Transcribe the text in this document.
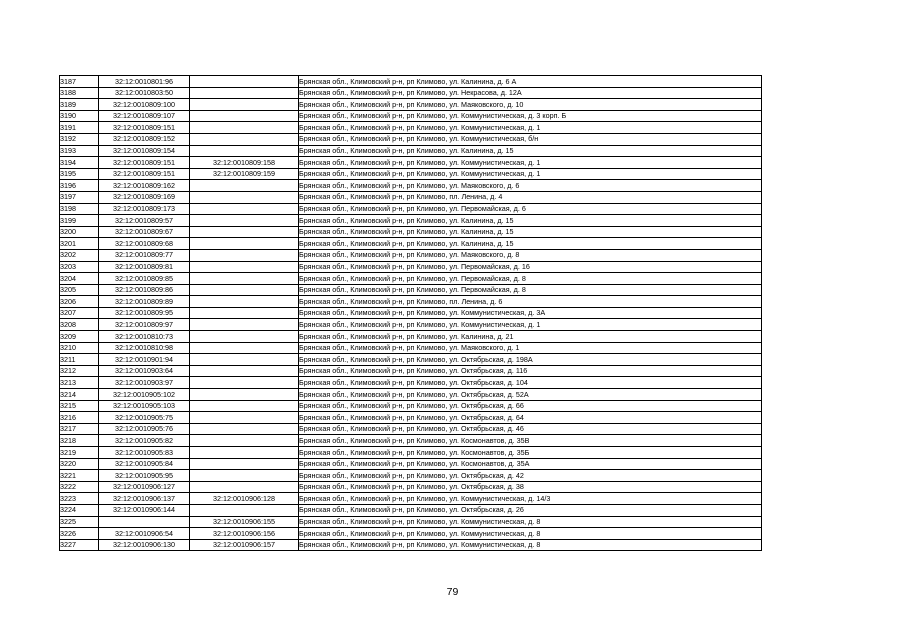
3187	32:12:0010801:96		Брянская обл., Климовский р-н, рп Климово, ул. Калинина, д. 6 А
3188	32:12:0010803:50		Брянская обл., Климовский р-н, рп Климово, ул. Некрасова, д. 12А
3189	32:12:0010809:100		Брянская обл., Климовский р-н, рп Климово, ул. Маяковского, д. 10
3190	32:12:0010809:107		Брянская обл., Климовский р-н, рп Климово, ул. Коммунистическая, д. 3 корп. Б
3191	32:12:0010809:151		Брянская обл., Климовский р-н, рп Климово, ул. Коммунистическая, д. 1
3192	32:12:0010809:152		Брянская обл., Климовский р-н, рп Климово, ул. Коммунистическая, б/н
3193	32:12:0010809:154		Брянская обл., Климовский р-н, рп Климово, ул. Калинина, д. 15
3194	32:12:0010809:151	32:12:0010809:158	Брянская обл., Климовский р-н, рп Климово, ул. Коммунистическая, д. 1
3195	32:12:0010809:151	32:12:0010809:159	Брянская обл., Климовский р-н, рп Климово, ул. Коммунистическая, д. 1
3196	32:12:0010809:162		Брянская обл., Климовский р-н, рп Климово, ул. Маяковского, д. 6
3197	32:12:0010809:169		Брянская обл., Климовский р-н, рп Климово, пл. Ленина, д. 4
3198	32:12:0010809:173		Брянская обл., Климовский р-н, рп Климово, ул. Первомайская, д. 6
3199	32:12:0010809:57		Брянская обл., Климовский р-н, рп Климово, ул. Калинина, д. 15
3200	32:12:0010809:67		Брянская обл., Климовский р-н, рп Климово, ул. Калинина, д. 15
3201	32:12:0010809:68		Брянская обл., Климовский р-н, рп Климово, ул. Калинина, д. 15
3202	32:12:0010809:77		Брянская обл., Климовский р-н, рп Климово, ул. Маяковского, д. 8
3203	32:12:0010809:81		Брянская обл., Климовский р-н, рп Климово, ул. Первомайская, д. 16
3204	32:12:0010809:85		Брянская обл., Климовский р-н, рп Климово, ул. Первомайская, д. 8
3205	32:12:0010809:86		Брянская обл., Климовский р-н, рп Климово, ул. Первомайская, д. 8
3206	32:12:0010809:89		Брянская обл., Климовский р-н, рп Климово, пл. Ленина, д. 6
3207	32:12:0010809:95		Брянская обл., Климовский р-н, рп Климово, ул. Коммунистическая, д. 3А
3208	32:12:0010809:97		Брянская обл., Климовский р-н, рп Климово, ул. Коммунистическая, д. 1
3209	32:12:0010810:73		Брянская обл., Климовский р-н, рп Климово, ул. Калинина, д. 21
3210	32:12:0010810:98		Брянская обл., Климовский р-н, рп Климово, ул. Маяковского, д. 1
3211	32:12:0010901:94		Брянская обл., Климовский р-н, рп Климово, ул. Октябрьская, д. 198А
3212	32:12:0010903:64		Брянская обл., Климовский р-н, рп Климово, ул. Октябрьская, д. 116
3213	32:12:0010903:97		Брянская обл., Климовский р-н, рп Климово, ул. Октябрьская, д. 104
3214	32:12:0010905:102		Брянская обл., Климовский р-н, рп Климово, ул. Октябрьская, д. 52А
3215	32:12:0010905:103		Брянская обл., Климовский р-н, рп Климово, ул. Октябрьская, д. 66
3216	32:12:0010905:75		Брянская обл., Климовский р-н, рп Климово, ул. Октябрьская, д. 64
3217	32:12:0010905:76		Брянская обл., Климовский р-н, рп Климово, ул. Октябрьская, д. 46
3218	32:12:0010905:82		Брянская обл., Климовский р-н, рп Климово, ул. Космонавтов, д. 35В
3219	32:12:0010905:83		Брянская обл., Климовский р-н, рп Климово, ул. Космонавтов, д. 35Б
3220	32:12:0010905:84		Брянская обл., Климовский р-н, рп Климово, ул. Космонавтов, д. 35А
3221	32:12:0010905:95		Брянская обл., Климовский р-н, рп Климово, ул. Октябрьская, д. 42
3222	32:12:0010906:127		Брянская обл., Климовский р-н, рп Климово, ул. Октябрьская, д. 38
3223	32:12:0010906:137	32:12:0010906:128	Брянская обл., Климовский р-н, рп Климово, ул. Коммунистическая, д. 14/3
3224	32:12:0010906:144		Брянская обл., Климовский р-н, рп Климово, ул. Октябрьская, д. 26
3225		32:12:0010906:155	Брянская обл., Климовский р-н, рп Климово, ул. Коммунистическая, д. 8
3226	32:12:0010906:54	32:12:0010906:156	Брянская обл., Климовский р-н, рп Климово, ул. Коммунистическая, д. 8
3227	32:12:0010906:130	32:12:0010906:157	Брянская обл., Климовский р-н, рп Климово, ул. Коммунистическая, д. 8
79
